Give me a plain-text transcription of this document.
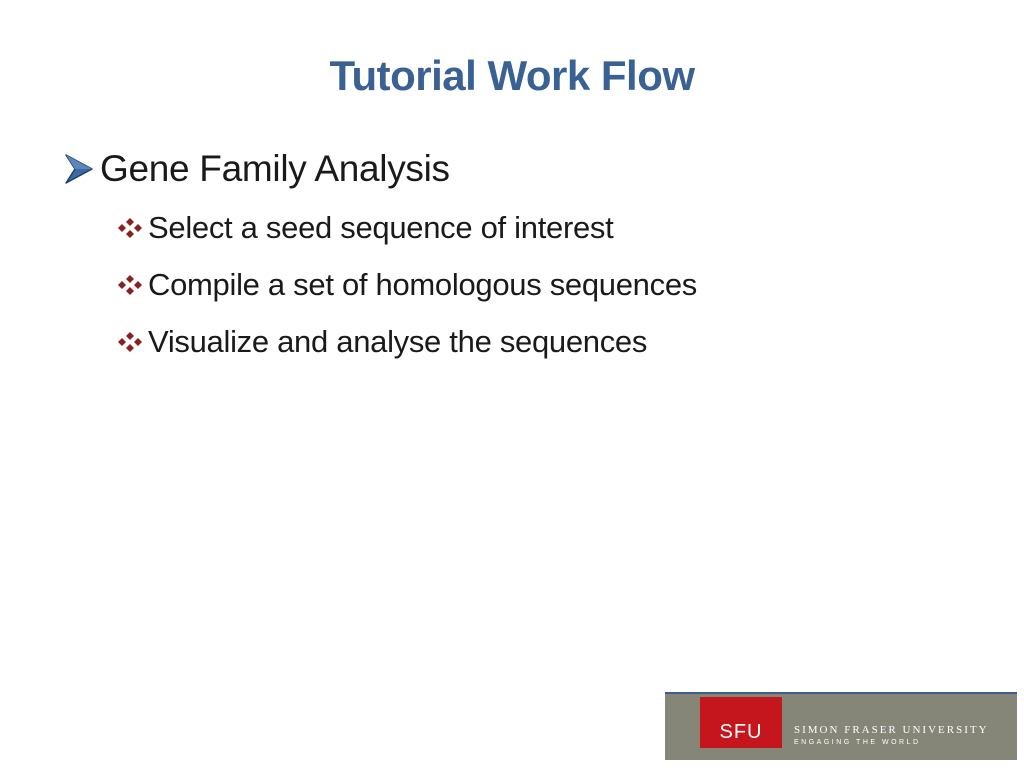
Tutorial Work Flow
Gene Family Analysis
Select a seed sequence of interest
Compile a set of homologous sequences
Visualize and analyse the sequences
SFU	SIMON FRASER UNIVERSITY
ENGAGING THE WORLD
